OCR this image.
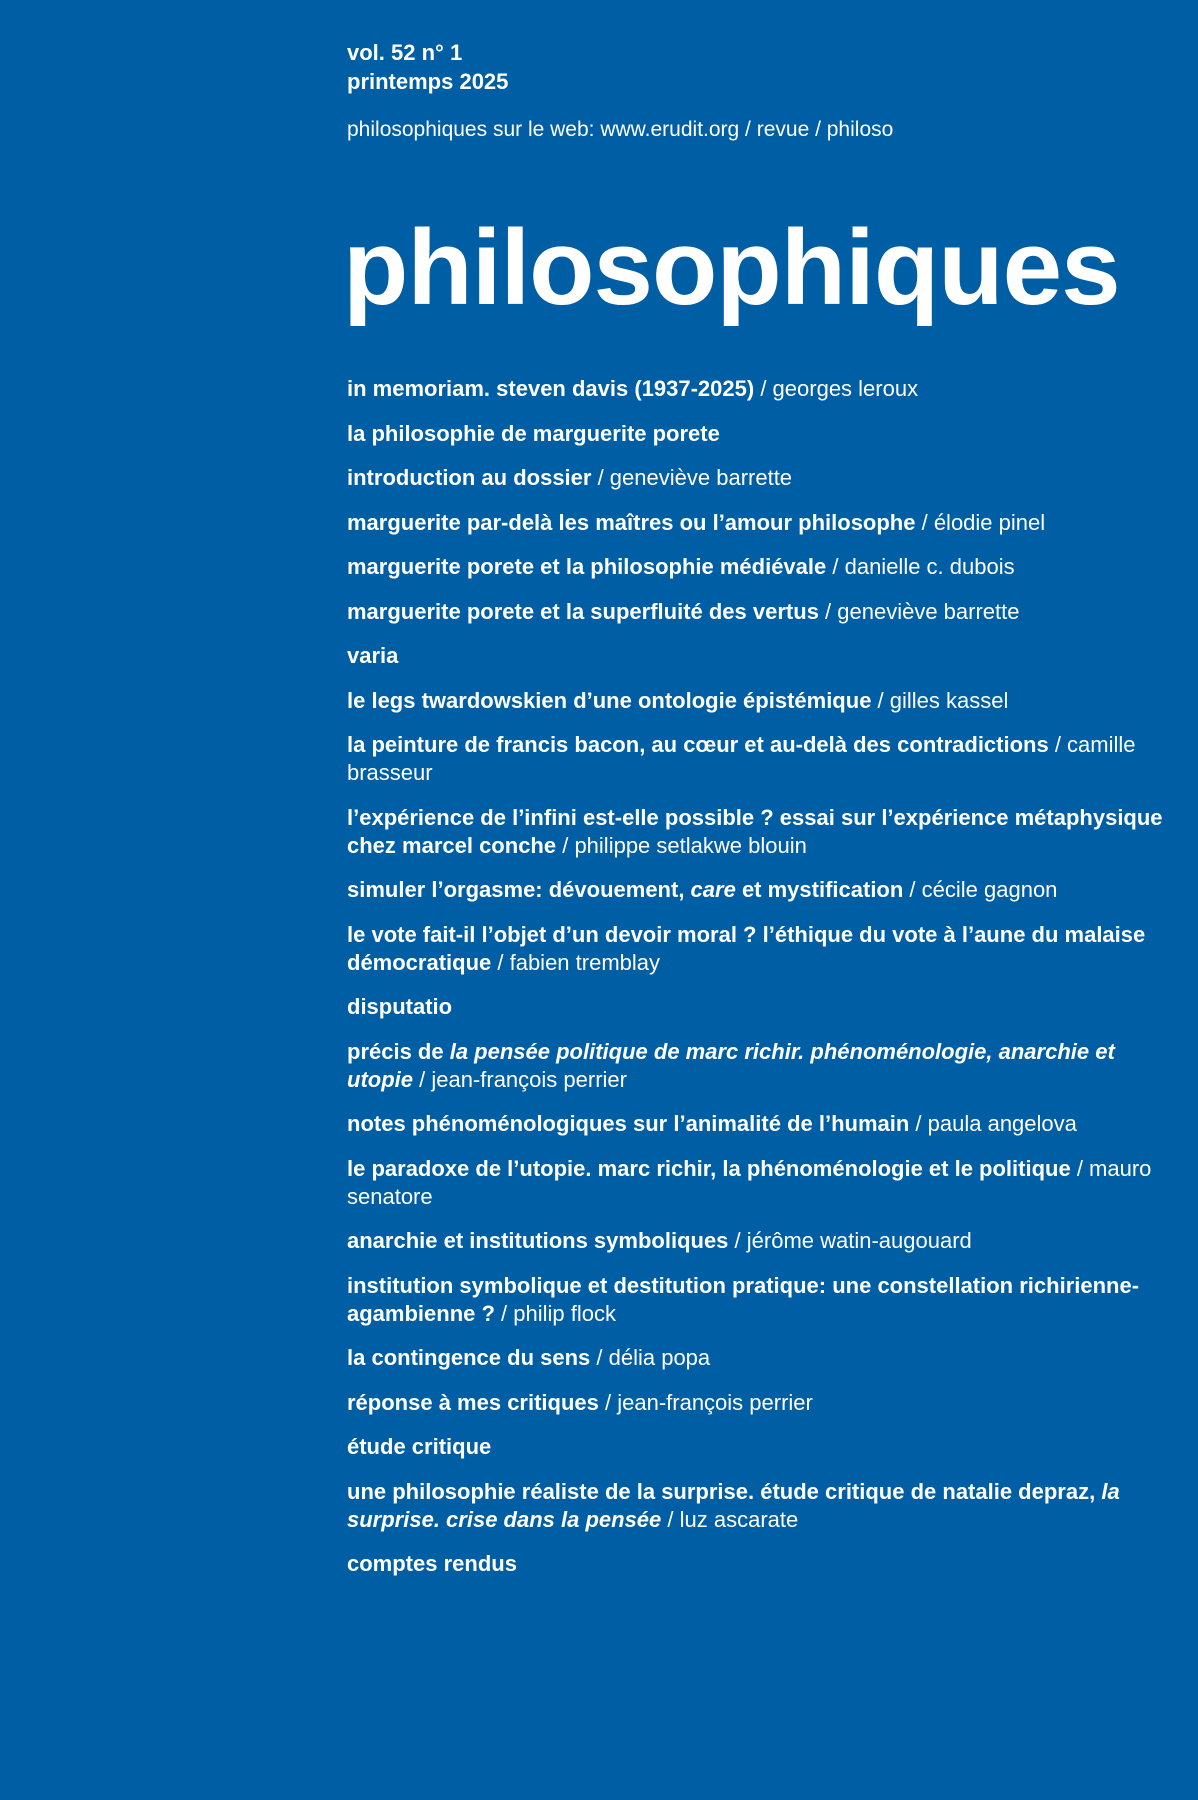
vol. 52 n° 1
printemps 2025
philosophiques sur le web: www.erudit.org / revue / philoso
philosophiques
in memoriam. steven davis (1937-2025) / georges leroux
la philosophie de marguerite porete
introduction au dossier / geneviève barrette
marguerite par-delà les maîtres ou l’amour philosophe / élodie pinel
marguerite porete et la philosophie médiévale / danielle c. dubois
marguerite porete et la superfluité des vertus / geneviève barrette
varia
le legs twardowskien d’une ontologie épistémique / gilles kassel
la peinture de francis bacon, au cœur et au-delà des contradictions / camille brasseur
l’expérience de l’infini est-elle possible ? essai sur l’expérience métaphysique chez marcel conche / philippe setlakwe blouin
simuler l’orgasme: dévouement, care et mystification / cécile gagnon
le vote fait-il l’objet d’un devoir moral ? l’éthique du vote à l’aune du malaise démocratique / fabien tremblay
disputatio
précis de la pensée politique de marc richir. phénoménologie, anarchie et utopie / jean-françois perrier
notes phénoménologiques sur l’animalité de l’humain / paula angelova
le paradoxe de l’utopie. marc richir, la phénoménologie et le politique / mauro senatore
anarchie et institutions symboliques / jérôme watin-augouard
institution symbolique et destitution pratique: une constellation richirienne-agambienne ? / philip flock
la contingence du sens / délia popa
réponse à mes critiques / jean-françois perrier
étude critique
une philosophie réaliste de la surprise. étude critique de natalie depraz, la surprise. crise dans la pensée / luz ascarate
comptes rendus
